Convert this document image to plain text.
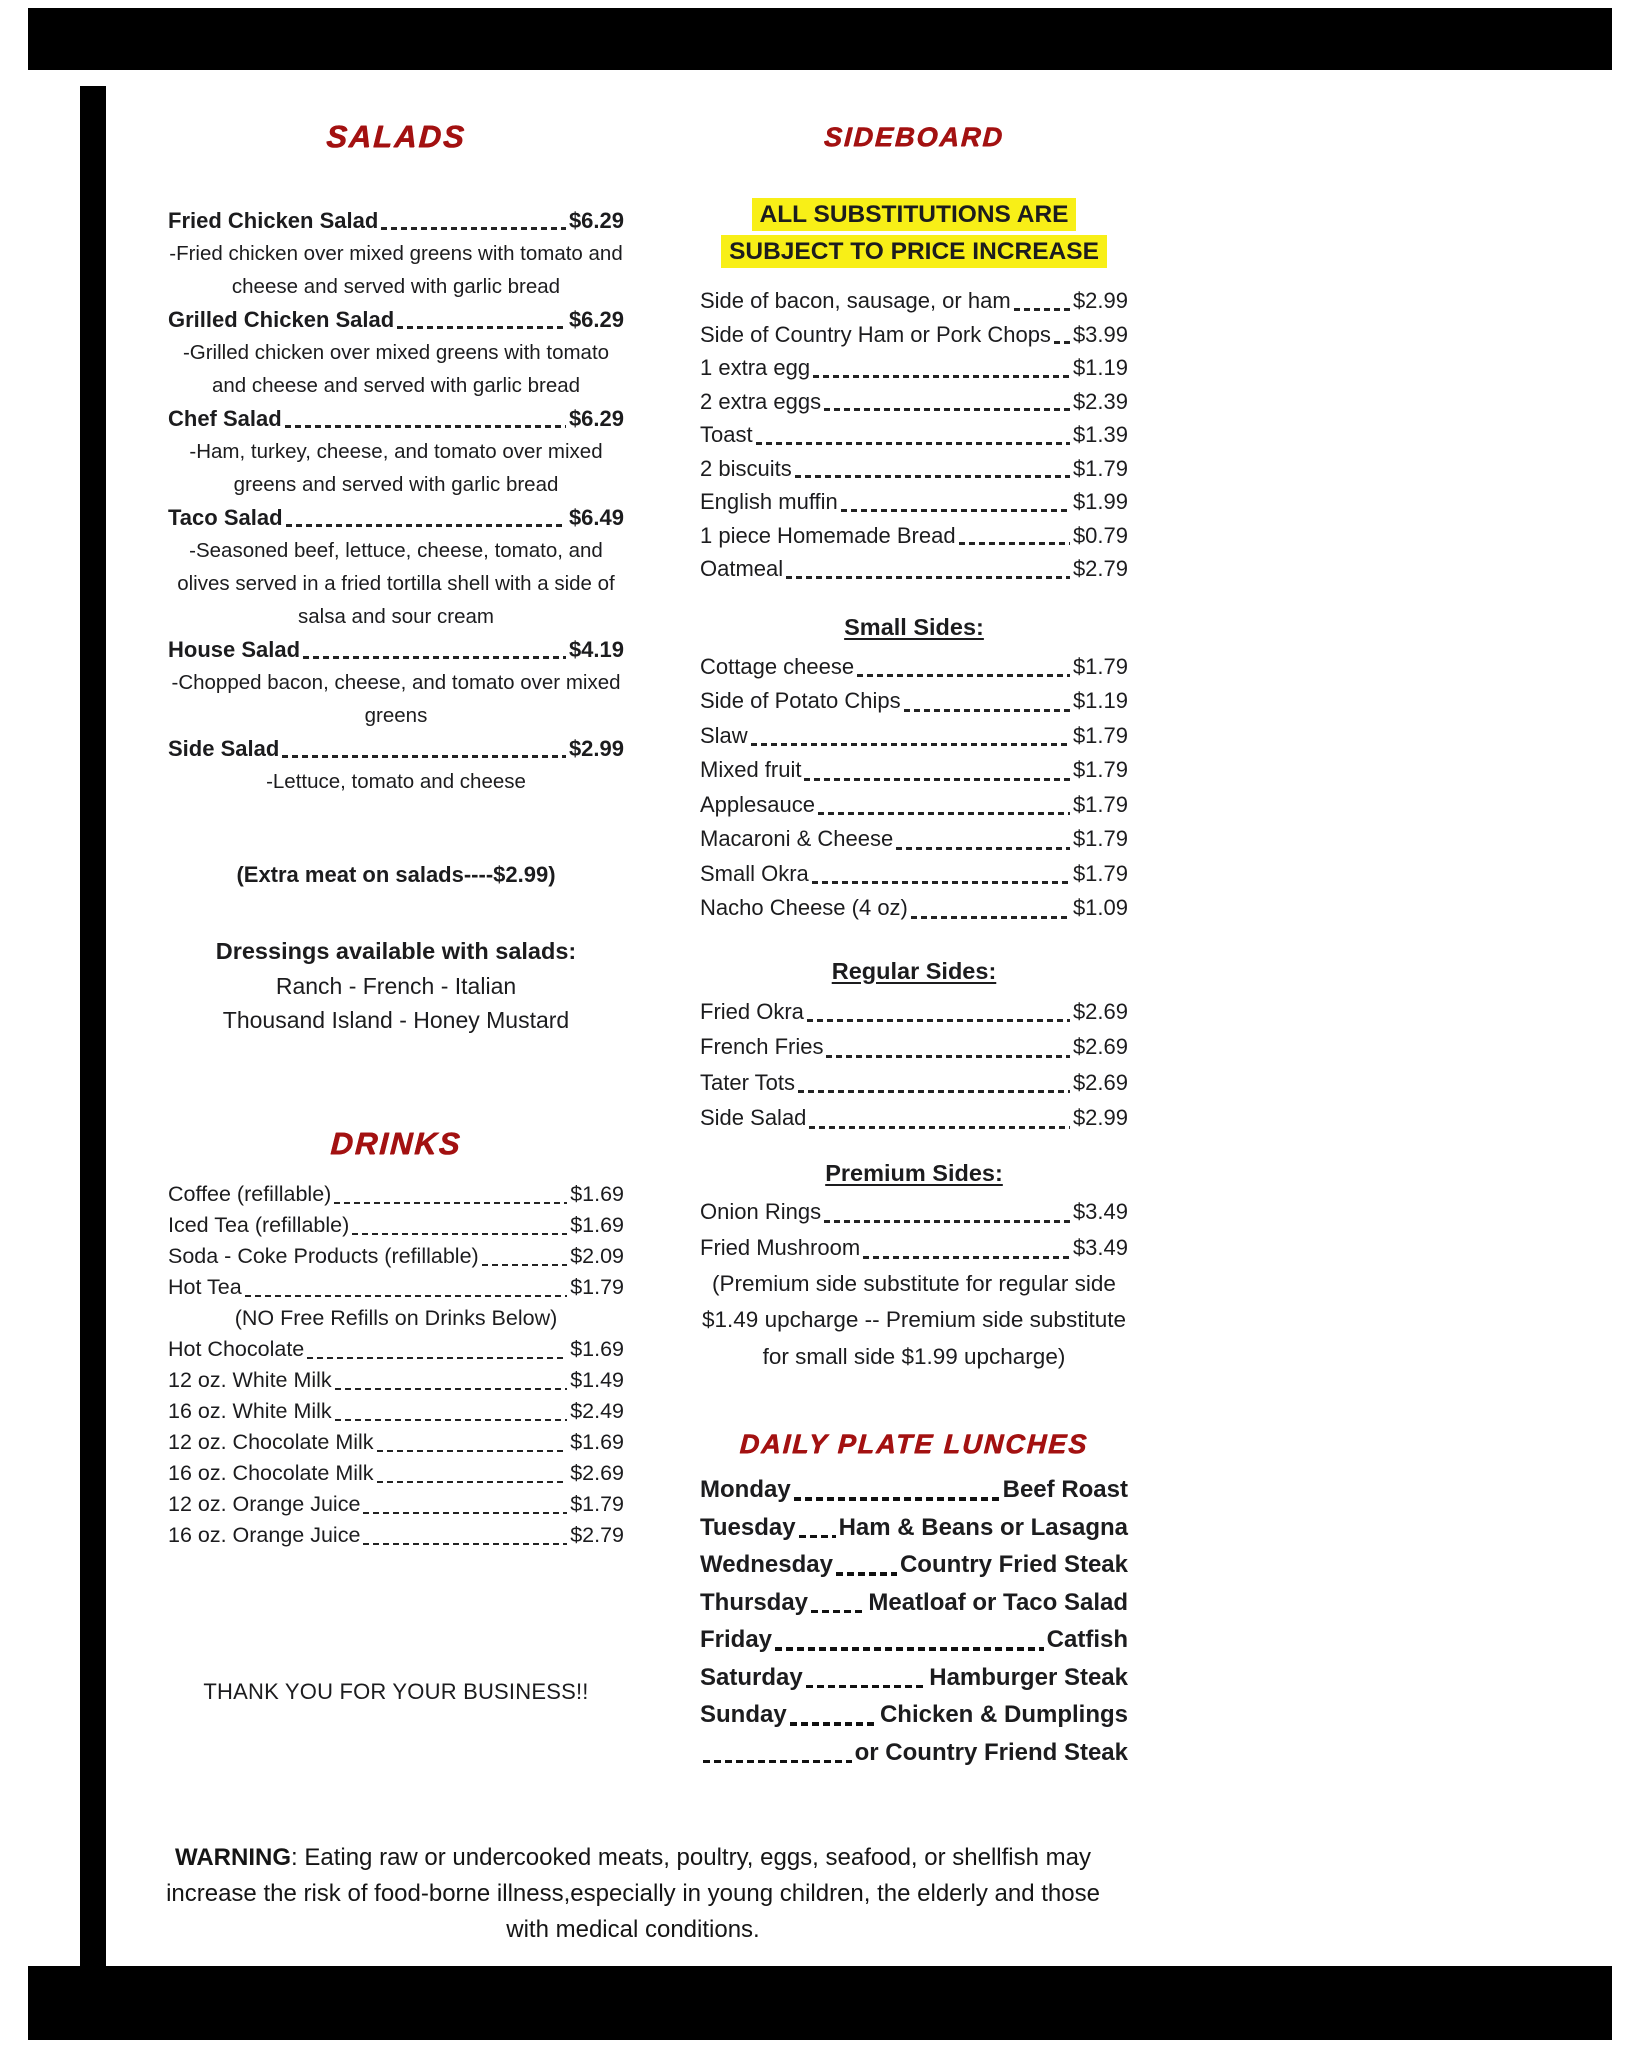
SALADS
Fried Chicken Salad	$6.29
-Fried chicken over mixed greens with tomato and cheese and served with garlic bread
Grilled Chicken Salad	$6.29
-Grilled chicken over mixed greens with tomato and cheese and served with garlic bread
Chef Salad	$6.29
-Ham, turkey, cheese, and tomato over mixed greens and served with garlic bread
Taco Salad	$6.49
-Seasoned beef, lettuce, cheese, tomato, and olives served in a fried tortilla shell with a side of salsa and sour cream
House Salad	$4.19
-Chopped bacon, cheese, and tomato over mixed greens
Side Salad	$2.99
-Lettuce, tomato and cheese
(Extra meat on salads----$2.99)
Dressings available with salads:
Ranch - French - Italian
Thousand Island - Honey Mustard
DRINKS
Coffee (refillable)	$1.69
Iced Tea (refillable)	$1.69
Soda - Coke Products (refillable)	$2.09
Hot Tea	$1.79
(NO Free Refills on Drinks Below)
Hot Chocolate	$1.69
12 oz. White Milk	$1.49
16 oz. White Milk	$2.49
12 oz. Chocolate Milk	$1.69
16 oz. Chocolate Milk	$2.69
12 oz. Orange Juice	$1.79
16 oz. Orange Juice	$2.79
THANK YOU FOR YOUR BUSINESS!!
SIDEBOARD
ALL SUBSTITUTIONS ARE SUBJECT TO PRICE INCREASE
Side of bacon, sausage, or ham	$2.99
Side of Country Ham or Pork Chops $3.99
1 extra egg	$1.19
2 extra eggs	$2.39
Toast	$1.39
2 biscuits	$1.79
English muffin	$1.99
1 piece Homemade Bread	$0.79
Oatmeal	$2.79
Small Sides:
Cottage cheese	$1.79
Side of Potato Chips	$1.19
Slaw	$1.79
Mixed fruit	$1.79
Applesauce	$1.79
Macaroni & Cheese	$1.79
Small Okra	$1.79
Nacho Cheese (4 oz)	$1.09
Regular Sides:
Fried Okra	$2.69
French Fries	$2.69
Tater Tots	$2.69
Side Salad	$2.99
Premium Sides:
Onion Rings	$3.49
Fried Mushroom	$3.49
(Premium side substitute for regular side $1.49 upcharge -- Premium side substitute for small side $1.99 upcharge)
DAILY PLATE LUNCHES
Monday	Beef Roast
Tuesday Ham & Beans or Lasagna
Wednesday	Country Fried Steak
Thursday	Meatloaf or Taco Salad
Friday	Catfish
Saturday	Hamburger Steak
Sunday	Chicken & Dumplings
or Country Friend Steak
WARNING: Eating raw or undercooked meats, poultry, eggs, seafood, or shellfish may increase the risk of food-borne illness,especially in young children, the elderly and those with medical conditions.
